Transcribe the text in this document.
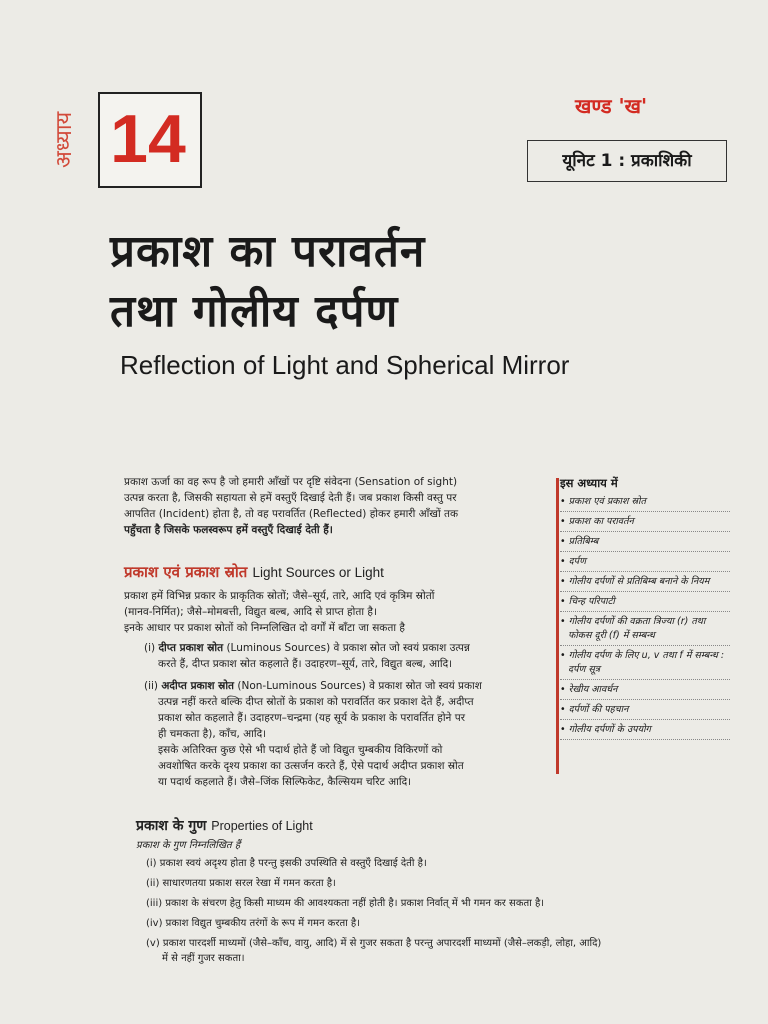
अध्याय 14	खण्ड 'ख'
यूनिट 1 : प्रकाशिकी
प्रकाश का परावर्तन
तथा गोलीय दर्पण
Reflection of Light and Spherical Mirror
प्रकाश ऊर्जा का वह रूप है जो हमारी आँखों पर दृष्टि संवेदना (Sensation of sight)
उत्पन्न करता है, जिसकी सहायता से हमें वस्तुएँ दिखाई देती हैं। जब प्रकाश किसी वस्तु पर
आपतित (Incident) होता है, तो वह परावर्तित (Reflected) होकर हमारी आँखों तक
पहुँचता है जिसके फलस्वरूप हमें वस्तुएँ दिखाई देती हैं।
प्रकाश एवं प्रकाश स्रोत Light Sources or Light
प्रकाश हमें विभिन्न प्रकार के प्राकृतिक स्रोतों; जैसे–सूर्य, तारे, आदि एवं कृत्रिम स्रोतों
(मानव-निर्मित); जैसे–मोमबत्ती, विद्युत बल्ब, आदि से प्राप्त होता है।
इनके आधार पर प्रकाश स्रोतों को निम्नलिखित दो वर्गों में बाँटा जा सकता है
(i) दीप्त प्रकाश स्रोत (Luminous Sources) वे प्रकाश स्रोत जो स्वयं प्रकाश उत्पन्न
करते हैं, दीप्त प्रकाश स्रोत कहलाते हैं। उदाहरण–सूर्य, तारे, विद्युत बल्ब, आदि।
(ii) अदीप्त प्रकाश स्रोत (Non-Luminous Sources) वे प्रकाश स्रोत जो स्वयं प्रकाश
उत्पन्न नहीं करते बल्कि दीप्त स्रोतों के प्रकाश को परावर्तित कर प्रकाश देते हैं, अदीप्त
प्रकाश स्रोत कहलाते हैं। उदाहरण–चन्द्रमा (यह सूर्य के प्रकाश के परावर्तित होने पर
ही चमकता है), काँच, आदि।
इसके अतिरिक्त कुछ ऐसे भी पदार्थ होते हैं जो विद्युत चुम्बकीय विकिरणों को
अवशोषित करके दृश्य प्रकाश का उत्सर्जन करते हैं, ऐसे पदार्थ अदीप्त प्रकाश स्रोत
या पदार्थ कहलाते हैं। जैसे–जिंक सिल्फिकेट, कैल्सियम चरिट आदि।
प्रकाश के गुण Properties of Light
प्रकाश के गुण निम्नलिखित हैं
(i) प्रकाश स्वयं अदृश्य होता है परन्तु इसकी उपस्थिति से वस्तुएँ दिखाई देती है।
(ii) साधारणतया प्रकाश सरल रेखा में गमन करता है।
(iii) प्रकाश के संचरण हेतु किसी माध्यम की आवश्यकता नहीं होती है। प्रकाश निर्वात् में भी गमन कर सकता है।
(iv) प्रकाश विद्युत चुम्बकीय तरंगों के रूप में गमन करता है।
(v) प्रकाश पारदर्शी माध्यमों (जैसे–काँच, वायु, आदि) में से गुजर सकता है परन्तु अपारदर्शी माध्यमों (जैसे–लकड़ी, लोहा, आदि)
में से नहीं गुजर सकता।
इस अध्याय में
• प्रकाश एवं प्रकाश स्रोत
• प्रकाश का परावर्तन
• प्रतिबिम्ब
• दर्पण
• गोलीय दर्पणों से प्रतिबिम्ब बनाने के नियम
• चिन्ह परिपाटी
• गोलीय दर्पणों की वक्रता त्रिज्या (r) तथा फोकस दूरी (f) में सम्बन्ध
• गोलीय दर्पण के लिए u, v तथा f में सम्बन्ध : दर्पण सूत्र
• रेखीय आवर्धन
• दर्पणों की पहचान
• गोलीय दर्पणों के उपयोग
